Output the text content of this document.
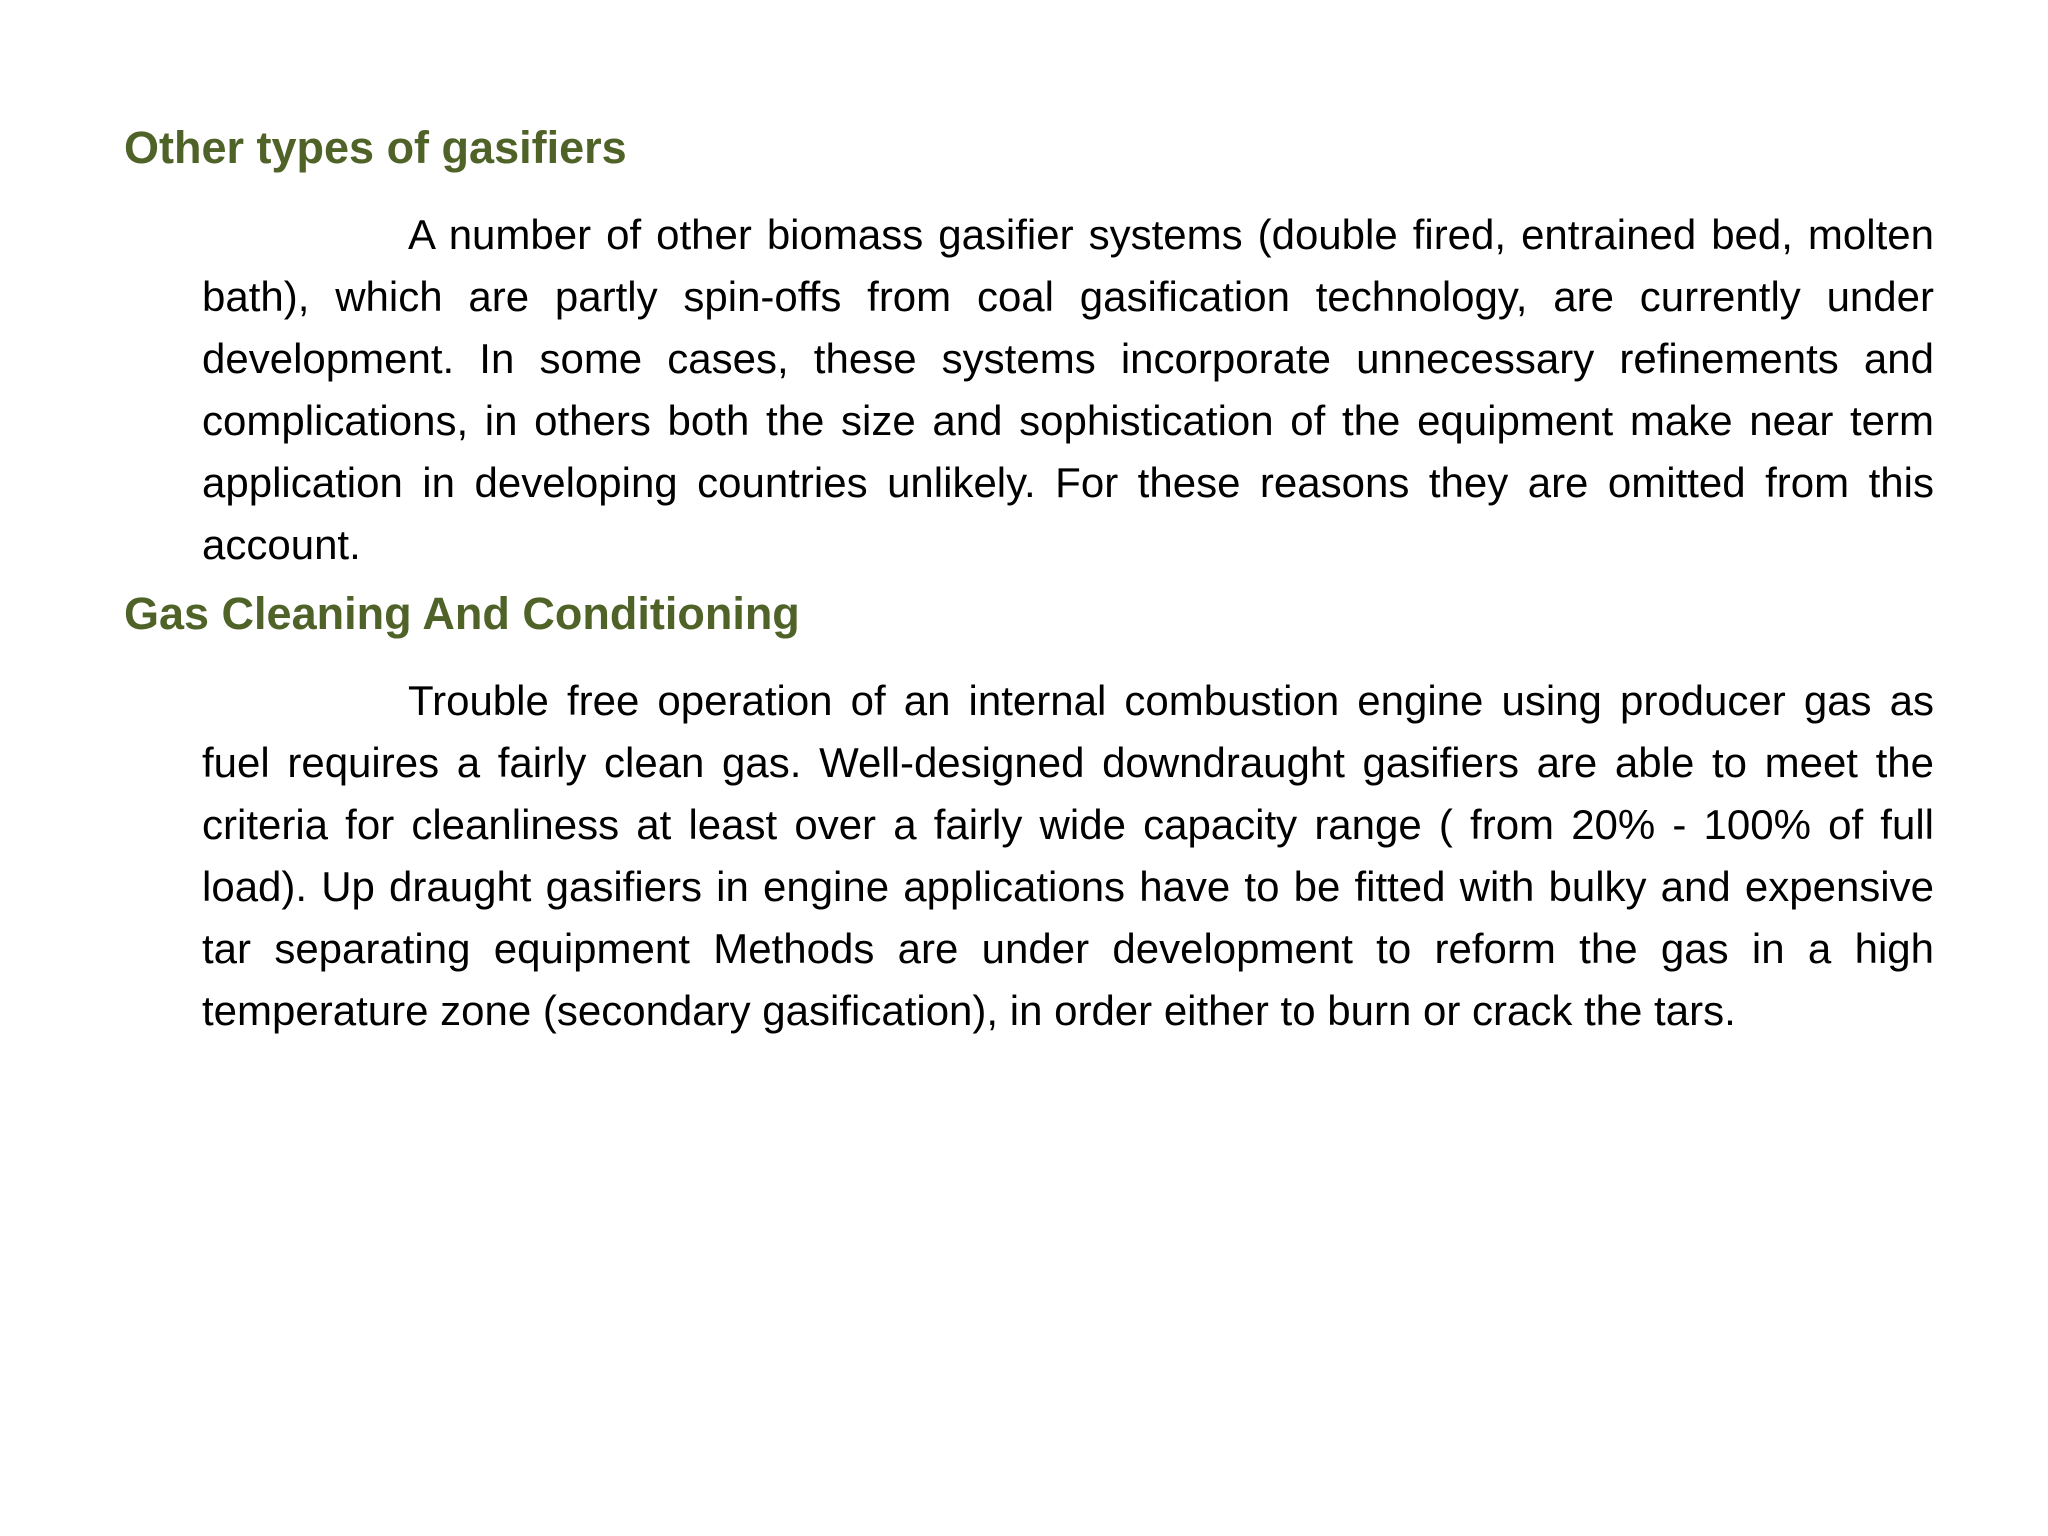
Other types of gasifiers

A number of other biomass gasifier systems (double fired, entrained bed, molten bath), which are partly spin-offs from coal gasification technology, are currently under development. In some cases, these systems incorporate unnecessary refinements and complications, in others both the size and sophistication of the equipment make near term application in developing countries unlikely. For these reasons they are omitted from this account.

Gas Cleaning And Conditioning

Trouble free operation of an internal combustion engine using producer gas as fuel requires a fairly clean gas. Well-designed downdraught gasifiers are able to meet the criteria for cleanliness at least over a fairly wide capacity range ( from 20% - 100% of full load). Up draught gasifiers in engine applications have to be fitted with bulky and expensive tar separating equipment Methods are under development to reform the gas in a high temperature zone (secondary gasification), in order either to burn or crack the tars.
